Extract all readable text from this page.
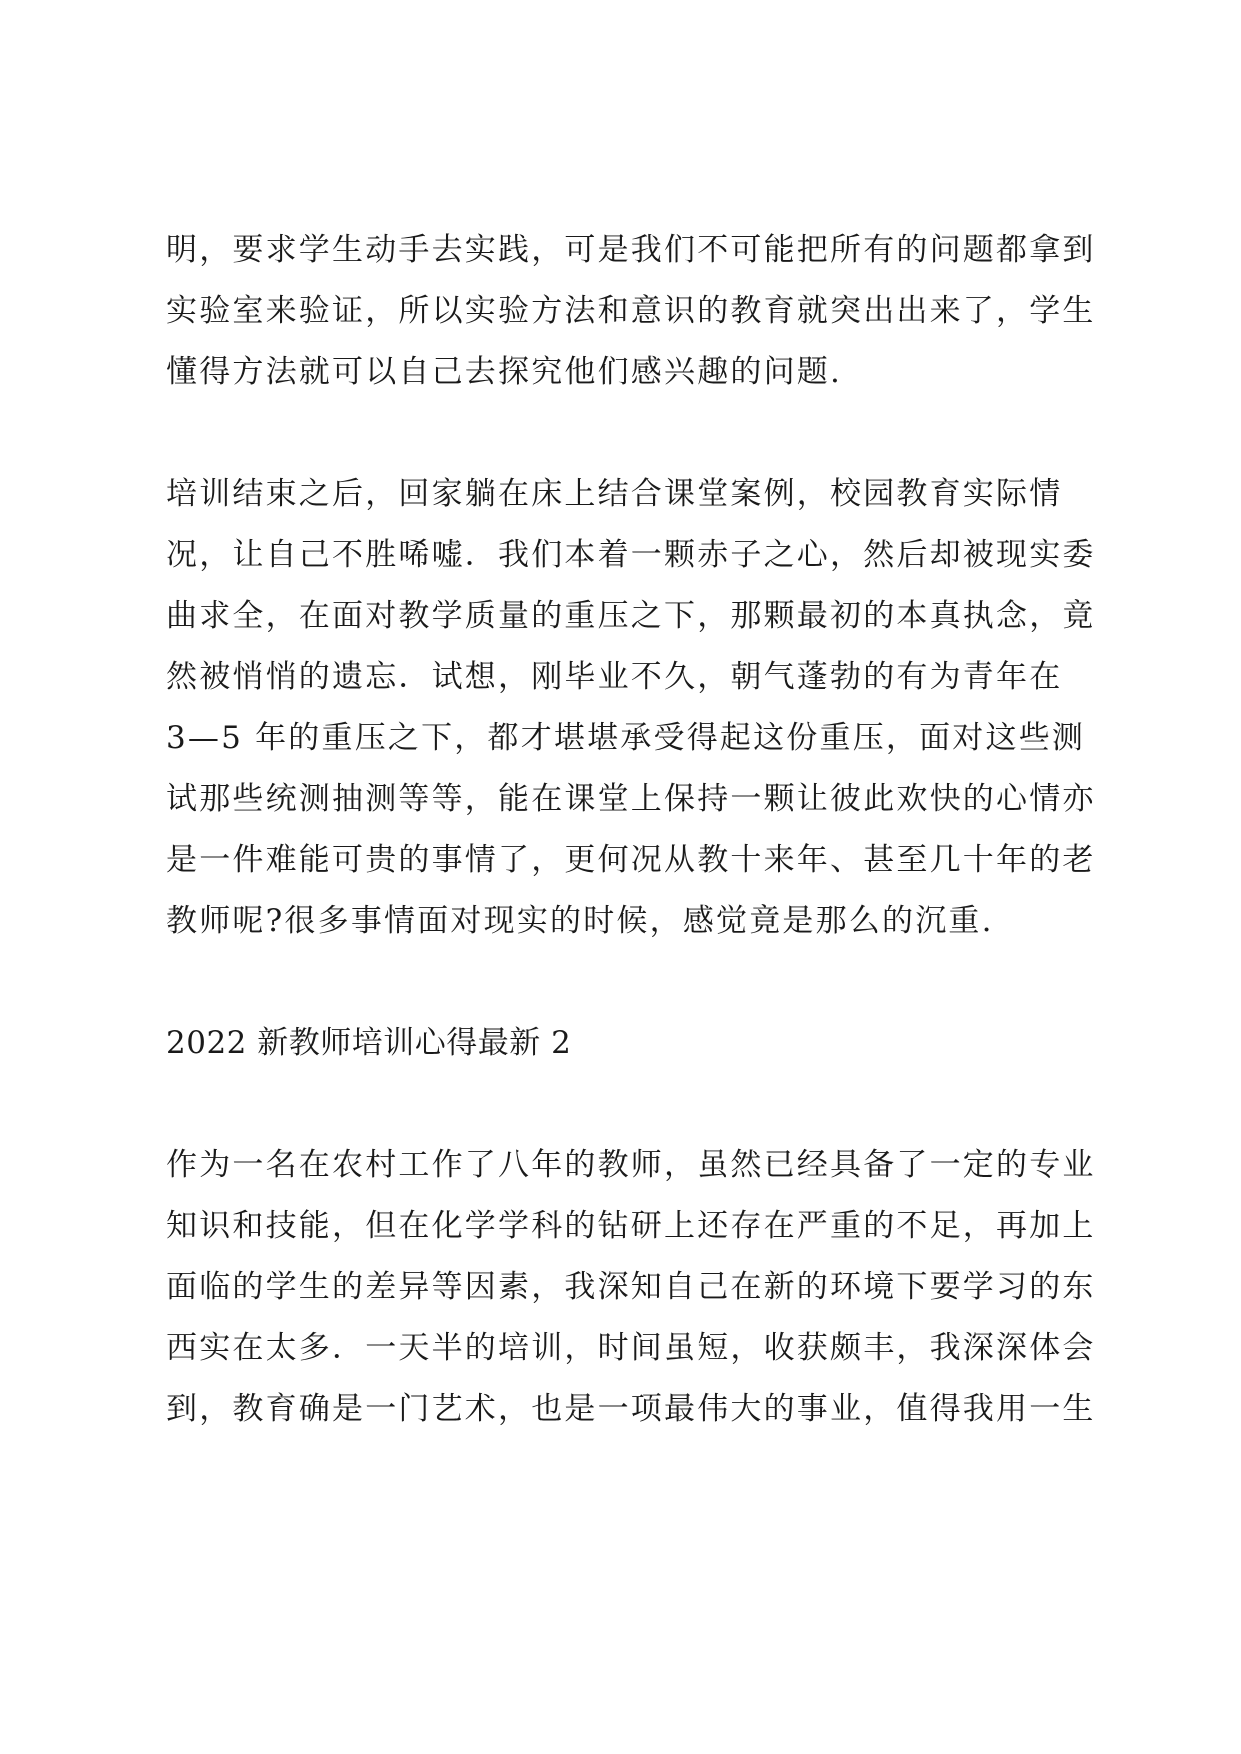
明，要求学生动手去实践，可是我们不可能把所有的问题都拿到
实验室来验证，所以实验方法和意识的教育就突出出来了，学生
懂得方法就可以自己去探究他们感兴趣的问题.
培训结束之后，回家躺在床上结合课堂案例，校园教育实际情
况，让自己不胜唏嘘．我们本着一颗赤子之心，然后却被现实委
曲求全，在面对教学质量的重压之下，那颗最初的本真执念，竟
然被悄悄的遗忘．试想，刚毕业不久，朝气蓬勃的有为青年在
3—5 年的重压之下，都才堪堪承受得起这份重压，面对这些测
试那些统测抽测等等，能在课堂上保持一颗让彼此欢快的心情亦
是一件难能可贵的事情了，更何况从教十来年、甚至几十年的老
教师呢?很多事情面对现实的时候，感觉竟是那么的沉重.
2022 新教师培训心得最新 2
作为一名在农村工作了八年的教师，虽然已经具备了一定的专业
知识和技能，但在化学学科的钻研上还存在严重的不足，再加上
面临的学生的差异等因素，我深知自己在新的环境下要学习的东
西实在太多．一天半的培训，时间虽短，收获颇丰，我深深体会
到，教育确是一门艺术，也是一项最伟大的事业，值得我用一生
